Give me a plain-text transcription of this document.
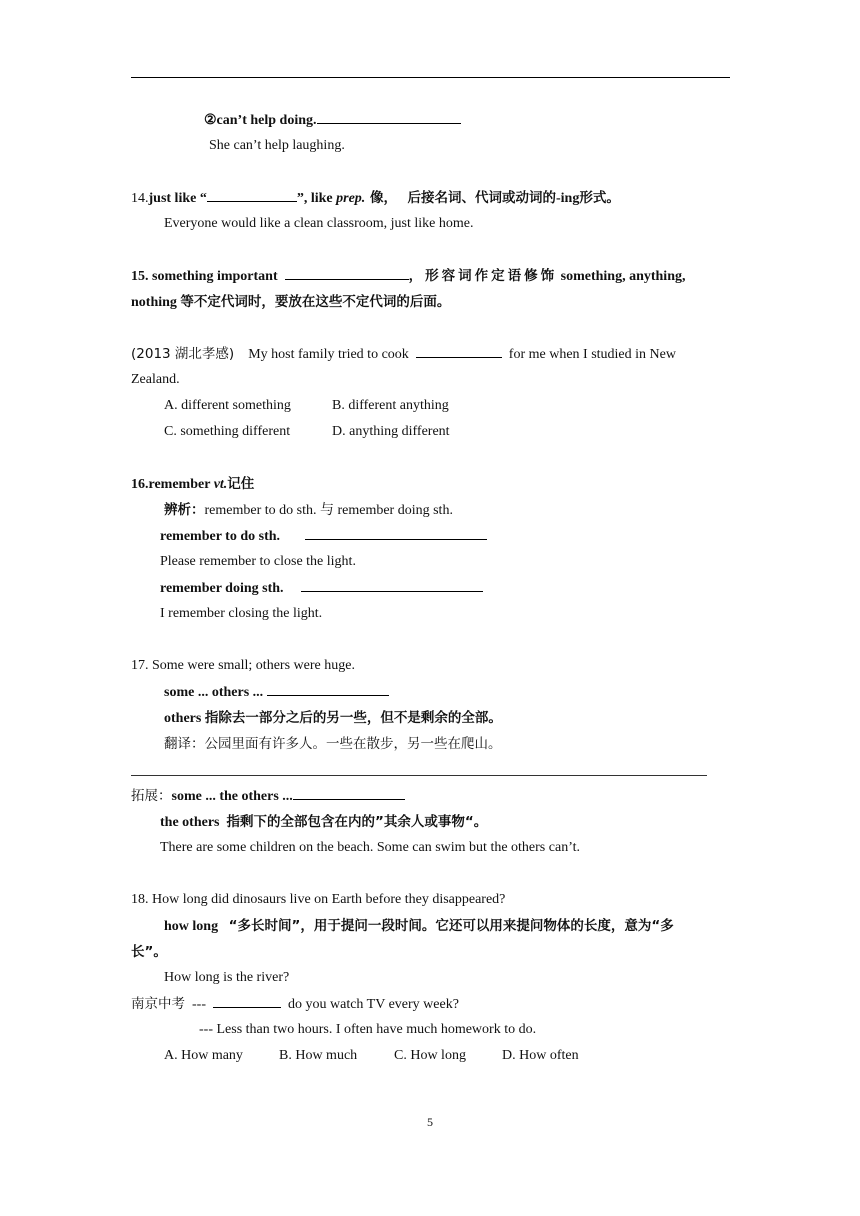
②can’t help doing.
She can’t help laughing.
14.just like “	”, like prep. 像， 后接名词、代词或动词的-ing形式。
Everyone would like a clean classroom, just like home.
15. something important	，形容词作定语修饰 something, anything,
nothing 等不定代词时，要放在这些不定代词的后面。
(2013 湖北孝感) My host family tried to cook	for me when I studied in New
Zealand.
A. different something	B. different anything
C. something different	D. anything different
16.remember vt.记住
辨析：remember to do sth. 与 remember doing sth.
remember to do sth.
Please remember to close the light.
remember doing sth.
I remember closing the light.
17. Some were small; others were huge.
some ... others ...
others 指除去一部分之后的另一些，但不是剩余的全部。
翻译：公园里面有许多人。一些在散步，另一些在爬山。
拓展：some ... the others ...
the others 指剩下的全部包含在内的”其余人或事物“。
There are some children on the beach. Some can swim but the others can’t.
18. How long did dinosaurs live on Earth before they disappeared?
how long “多长时间”，用于提问一段时间。它还可以用来提问物体的长度，意为“多
长”。
How long is the river?
南京中考 ---	do you watch TV every week?
--- Less than two hours. I often have much homework to do.
A. How many	B. How much	C. How long	D. How often
5
